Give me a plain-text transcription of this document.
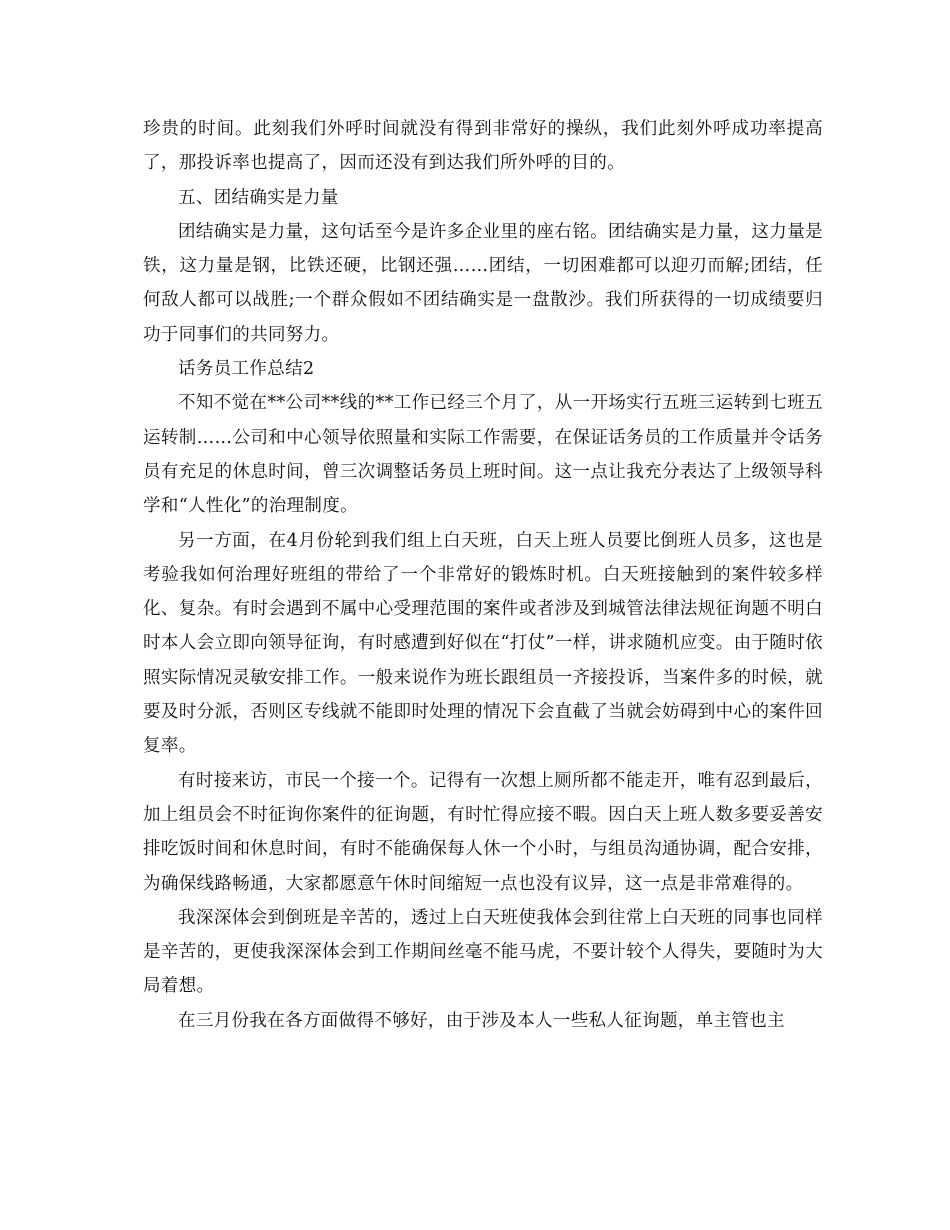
珍贵的时间。此刻我们外呼时间就没有得到非常好的操纵，我们此刻外呼成功率提高了，那投诉率也提高了，因而还没有到达我们所外呼的目的。

五、团结确实是力量

团结确实是力量，这句话至今是许多企业里的座右铭。团结确实是力量，这力量是铁，这力量是钢，比铁还硬，比钢还强……团结，一切困难都可以迎刃而解;团结，任何敌人都可以战胜;一个群众假如不团结确实是一盘散沙。我们所获得的一切成绩要归功于同事们的共同努力。

话务员工作总结2

不知不觉在**公司**线的**工作已经三个月了，从一开场实行五班三运转到七班五运转制……公司和中心领导依照量和实际工作需要，在保证话务员的工作质量并令话务员有充足的休息时间，曾三次调整话务员上班时间。这一点让我充分表达了上级领导科学和“人性化”的治理制度。

另一方面，在4月份轮到我们组上白天班，白天上班人员要比倒班人员多，这也是考验我如何治理好班组的带给了一个非常好的锻炼时机。白天班接触到的案件较多样化、复杂。有时会遇到不属中心受理范围的案件或者涉及到城管法律法规征询题不明白时本人会立即向领导征询，有时感遭到好似在“打仗”一样，讲求随机应变。由于随时依照实际情况灵敏安排工作。一般来说作为班长跟组员一齐接投诉，当案件多的时候，就要及时分派，否则区专线就不能即时处理的情况下会直截了当就会妨碍到中心的案件回复率。

有时接来访，市民一个接一个。记得有一次想上厕所都不能走开，唯有忍到最后，加上组员会不时征询你案件的征询题，有时忙得应接不暇。因白天上班人数多要妥善安排吃饭时间和休息时间，有时不能确保每人休一个小时，与组员沟通协调，配合安排，为确保线路畅通，大家都愿意午休时间缩短一点也没有议异，这一点是非常难得的。

我深深体会到倒班是辛苦的，透过上白天班使我体会到往常上白天班的同事也同样是辛苦的，更使我深深体会到工作期间丝毫不能马虎，不要计较个人得失，要随时为大局着想。

在三月份我在各方面做得不够好，由于涉及本人一些私人征询题，单主管也主
